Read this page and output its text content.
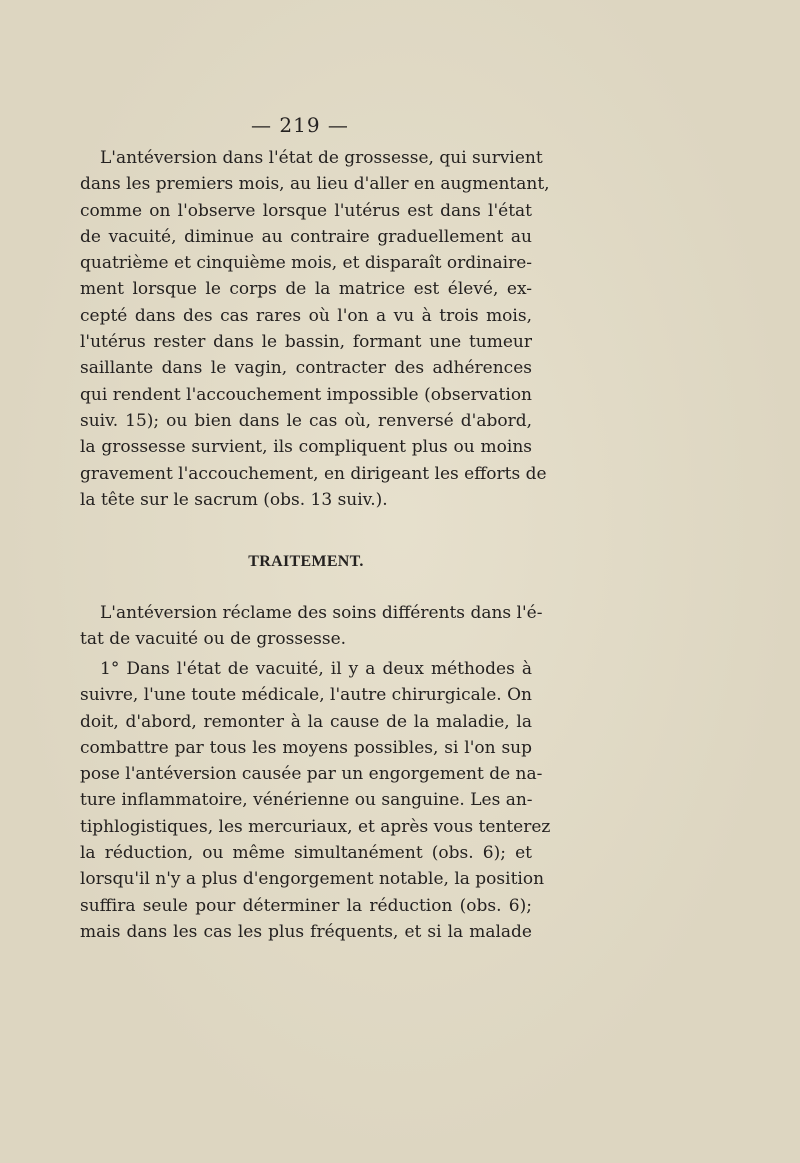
— 219 —
L'antéversion dans l'état de grossesse, qui survient
dans les premiers mois, au lieu d'aller en augmentant,
comme on l'observe lorsque l'utérus est dans l'état
de vacuité, diminue au contraire graduellement au
quatrième et cinquième mois, et disparaît ordinaire-
ment lorsque le corps de la matrice est élevé, ex-
cepté dans des cas rares où l'on a vu à trois mois,
l'utérus rester dans le bassin, formant une tumeur
saillante dans le vagin, contracter des adhérences
qui rendent l'accouchement impossible (observation
suiv. 15); ou bien dans le cas où, renversé d'abord,
la grossesse survient, ils compliquent plus ou moins
gravement l'accouchement, en dirigeant les efforts de
la tête sur le sacrum (obs. 13 suiv.).
TRAITEMENT.
L'antéversion réclame des soins différents dans l'é-
tat de vacuité ou de grossesse.
1° Dans l'état de vacuité, il y a deux méthodes à
suivre, l'une toute médicale, l'autre chirurgicale. On
doit, d'abord, remonter à la cause de la maladie, la
combattre par tous les moyens possibles, si l'on sup
pose l'antéversion causée par un engorgement de na-
ture inflammatoire, vénérienne ou sanguine. Les an-
tiphlogistiques, les mercuriaux, et après vous tenterez
la réduction, ou même simultanément (obs. 6); et
lorsqu'il n'y a plus d'engorgement notable, la position
suffira seule pour déterminer la réduction (obs. 6);
mais dans les cas les plus fréquents, et si la malade
